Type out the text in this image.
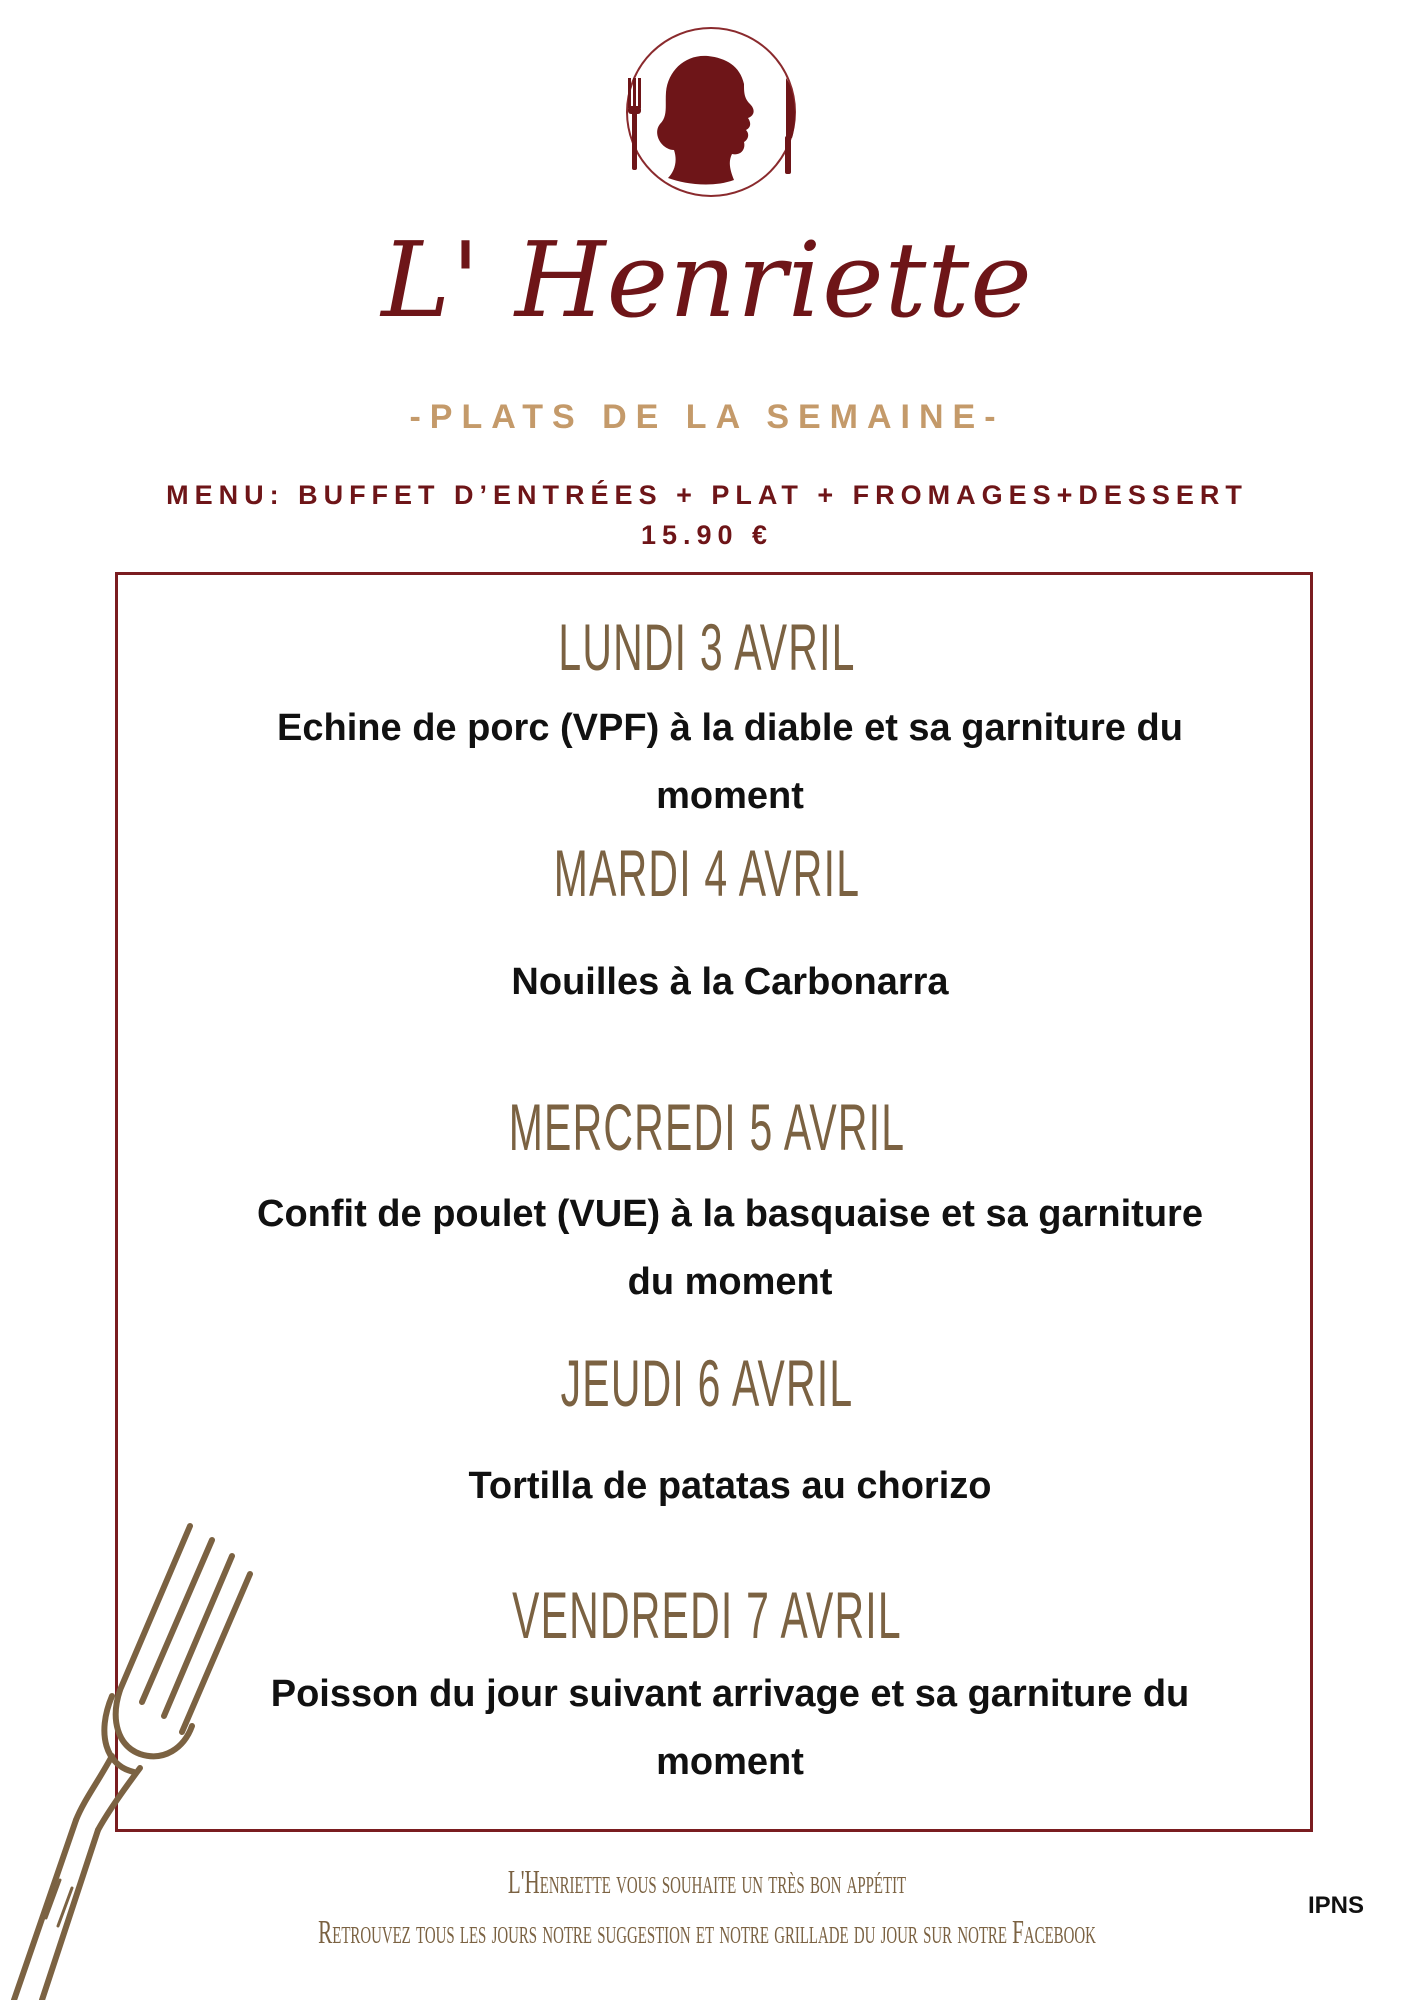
L' Henriette
-PLATS DE LA SEMAINE-
MENU: BUFFET D’ENTRÉES + PLAT + FROMAGES+DESSERT
15.90 €
LUNDI 3 AVRIL
Echine de porc (VPF) à la diable et sa garniture du
moment
MARDI 4 AVRIL
Nouilles à la Carbonarra
MERCREDI 5 AVRIL
Confit de poulet (VUE) à la basquaise et sa garniture
du moment
JEUDI 6 AVRIL
Tortilla de patatas au chorizo
VENDREDI 7 AVRIL
Poisson du jour suivant arrivage et sa garniture du
moment
L'Henriette vous souhaite un très bon appétit
Retrouvez tous les jours notre suggestion et notre grillade du jour sur notre Facebook
IPNS
